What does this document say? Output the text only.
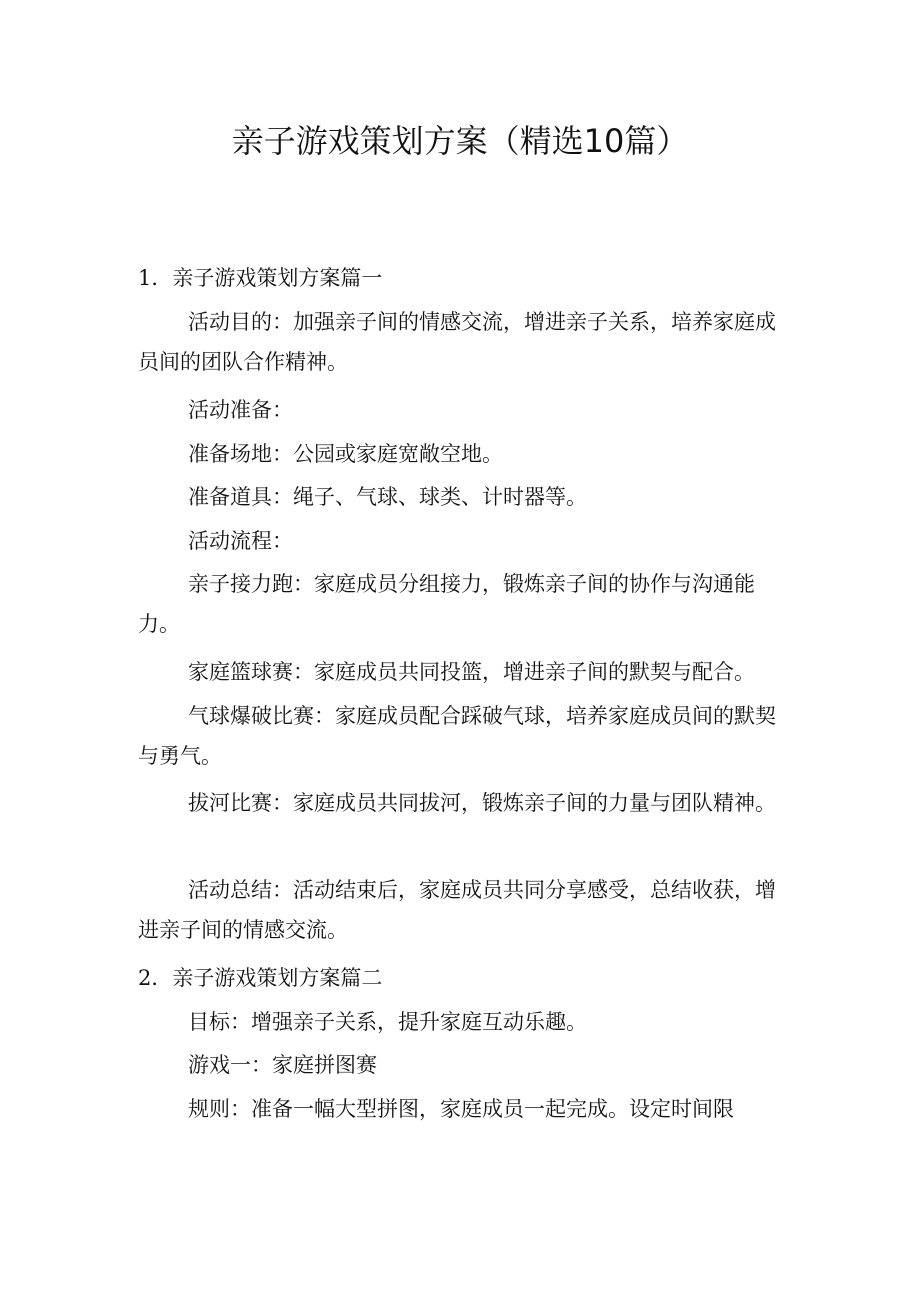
亲子游戏策划方案（精选10篇）

1．亲子游戏策划方案篇一

活动目的：加强亲子间的情感交流，增进亲子关系，培养家庭成员间的团队合作精神。

活动准备：

准备场地：公园或家庭宽敞空地。

准备道具：绳子、气球、球类、计时器等。

活动流程：

亲子接力跑：家庭成员分组接力，锻炼亲子间的协作与沟通能力。

家庭篮球赛：家庭成员共同投篮，增进亲子间的默契与配合。

气球爆破比赛：家庭成员配合踩破气球，培养家庭成员间的默契与勇气。

拔河比赛：家庭成员共同拔河，锻炼亲子间的力量与团队精神。

活动总结：活动结束后，家庭成员共同分享感受，总结收获，增进亲子间的情感交流。

2．亲子游戏策划方案篇二

目标：增强亲子关系，提升家庭互动乐趣。

游戏一：家庭拼图赛

规则：准备一幅大型拼图，家庭成员一起完成。设定时间限
